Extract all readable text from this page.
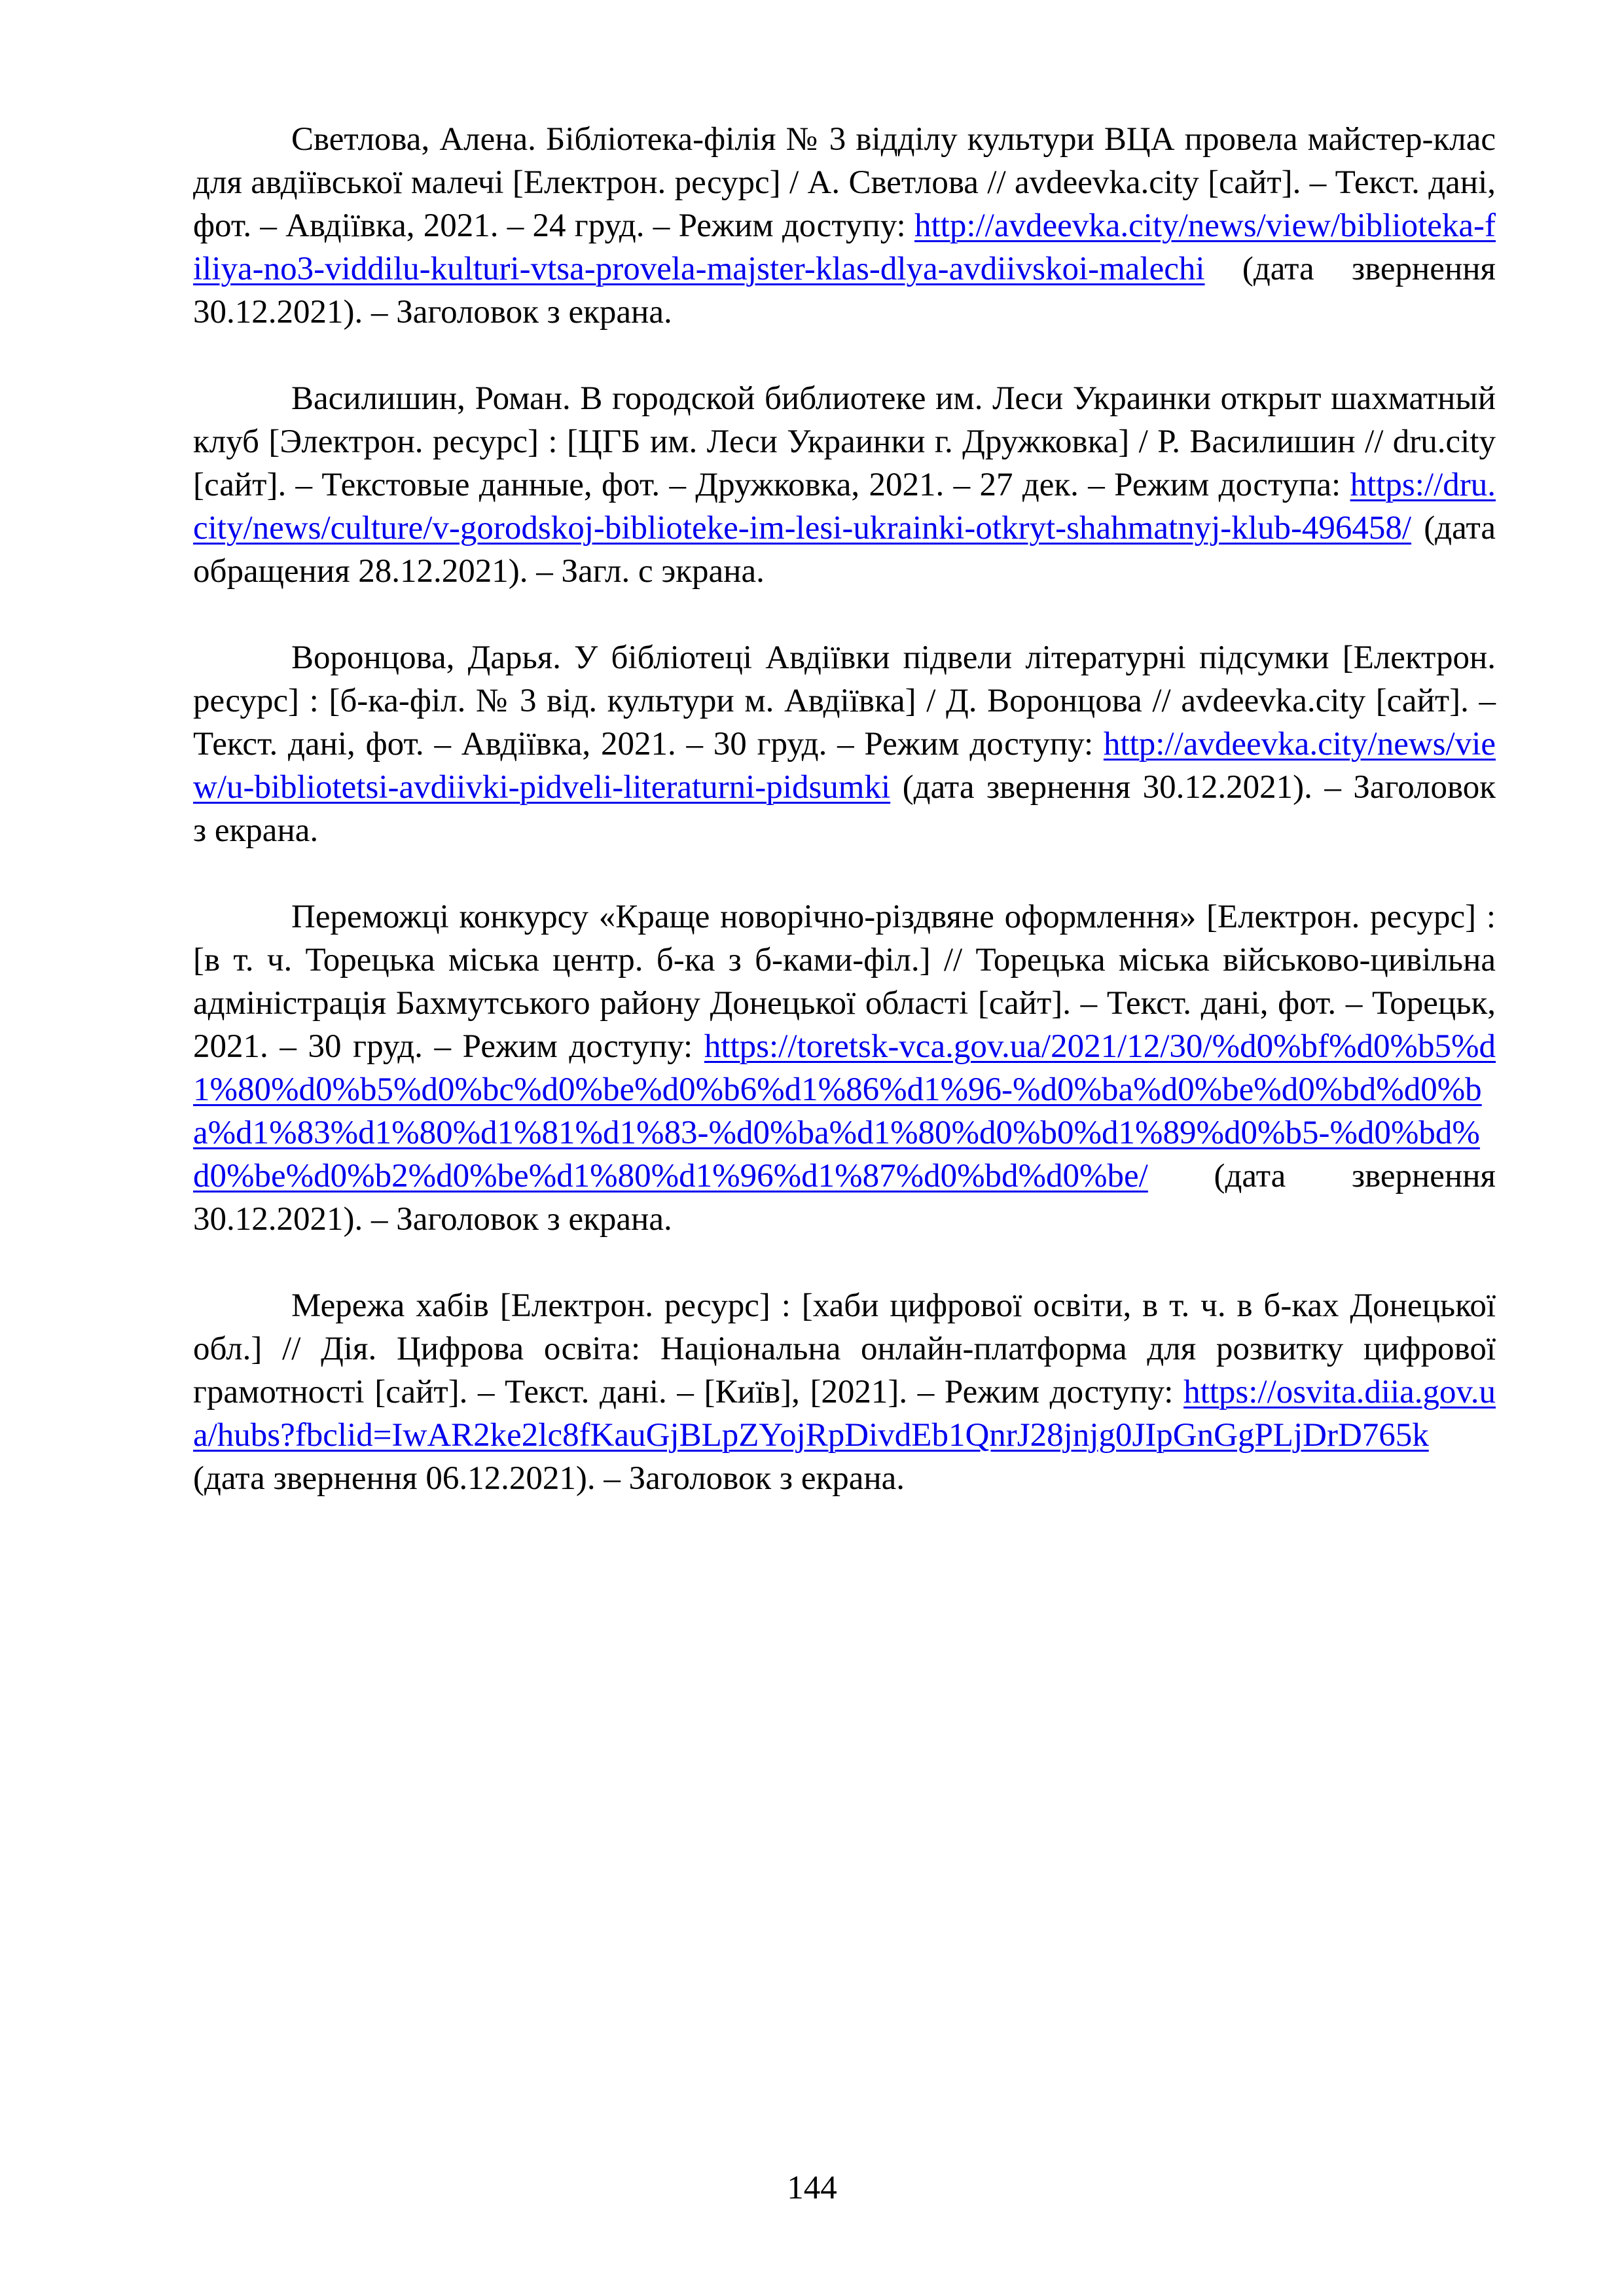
Светлова, Алена. Бібліотека-філія № 3 відділу культури ВЦА провела майстер-клас для авдіївської малечі [Електрон. ресурс] / А. Светлова // avdeevka.city [сайт]. – Текст. дані, фот. – Авдіївка, 2021. – 24 груд. – Режим доступу: http://avdeevka.city/news/view/biblioteka-filiya-no3-viddilu-kulturi-vtsa-provela-majster-klas-dlya-avdiivskoi-malechi (дата звернення 30.12.2021). – Заголовок з екрана.

Василишин, Роман. В городской библиотеке им. Леси Украинки открыт шахматный клуб [Электрон. ресурс] : [ЦГБ им. Леси Украинки г. Дружковка] / Р. Василишин // dru.city [сайт]. – Текстовые данные, фот. – Дружковка, 2021. – 27 дек. – Режим доступа: https://dru.city/news/culture/v-gorodskoj-biblioteke-im-lesi-ukrainki-otkryt-shahmatnyj-klub-496458/ (дата обращения 28.12.2021). – Загл. с экрана.

Воронцова, Дарья. У бібліотеці Авдіївки підвели літературні підсумки [Електрон. ресурс] : [б-ка-філ. № 3 від. культури м. Авдіївка] / Д. Воронцова // avdeevka.city [сайт]. – Текст. дані, фот. – Авдіївка, 2021. – 30 груд. – Режим доступу: http://avdeevka.city/news/view/u-bibliotetsi-avdiivki-pidveli-literaturni-pidsumki (дата звернення 30.12.2021). – Заголовок з екрана.

Переможці конкурсу «Краще новорічно-різдвяне оформлення» [Електрон. ресурс] : [в т. ч. Торецька міська центр. б-ка з б-ками-філ.] // Торецька міська військово-цивільна адміністрація Бахмутського району Донецької області [сайт]. – Текст. дані, фот. – Торецьк, 2021. – 30 груд. – Режим доступу: https://toretsk-vca.gov.ua/2021/12/30/%d0%bf%d0%b5%d1%80%d0%b5%d0%bc%d0%be%d0%b6%d1%86%d1%96-%d0%ba%d0%be%d0%bd%d0%ba%d1%83%d1%80%d1%81%d1%83-%d0%ba%d1%80%d0%b0%d1%89%d0%b5-%d0%bd%d0%be%d0%b2%d0%be%d1%80%d1%96%d1%87%d0%bd%d0%be/ (дата звернення 30.12.2021). – Заголовок з екрана.

Мережа хабів [Електрон. ресурс] : [хаби цифрової освіти, в т. ч. в б-ках Донецької обл.] // Дія. Цифрова освіта: Національна онлайн-платформа для розвитку цифрової грамотності [сайт]. – Текст. дані. – [Київ], [2021]. – Режим доступу: https://osvita.diia.gov.ua/hubs?fbclid=IwAR2ke2lc8fKauGjBLpZYojRpDivdEb1QnrJ28jnjg0JIpGnGgPLjDrD765k (дата звернення 06.12.2021). – Заголовок з екрана.

144
